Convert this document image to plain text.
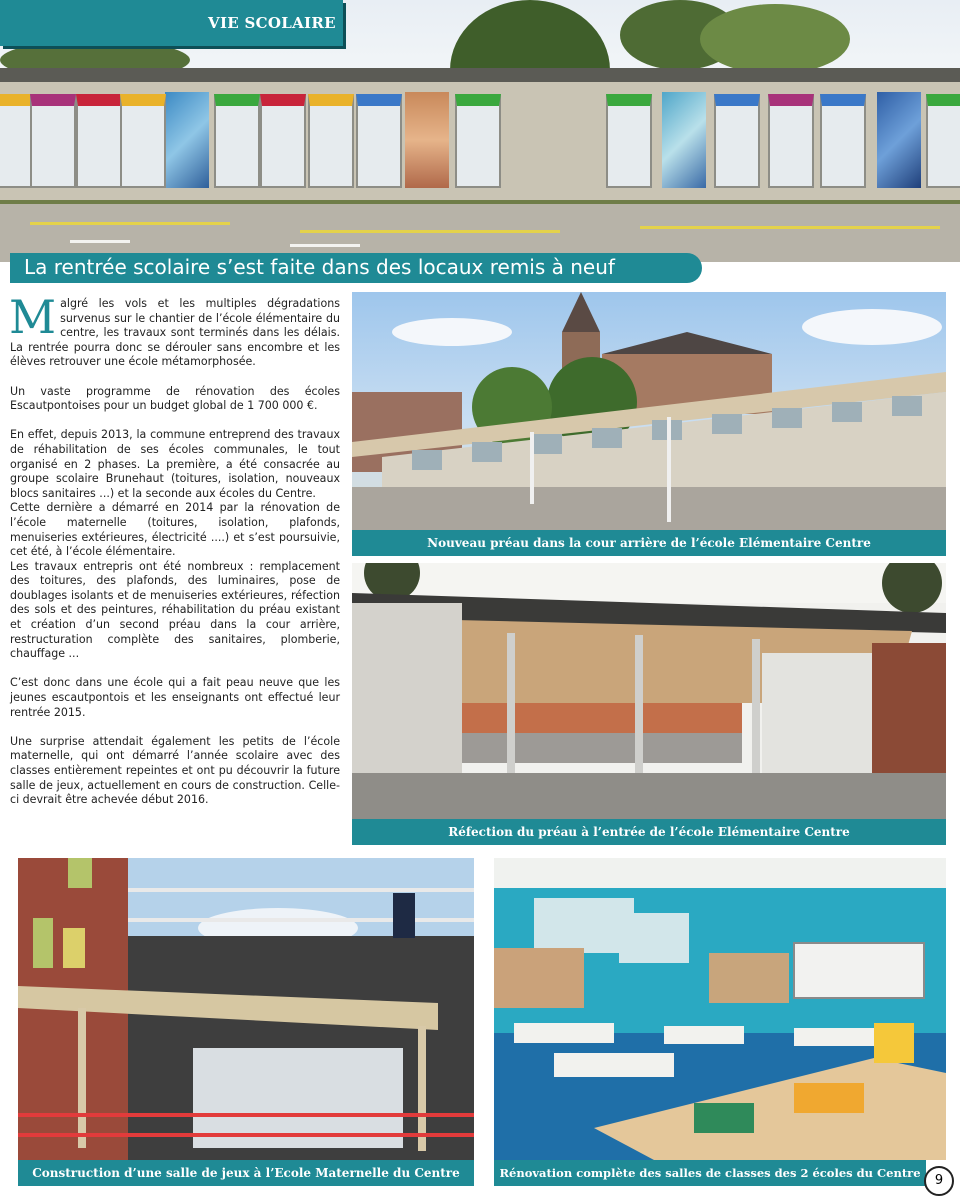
VIE SCOLAIRE
La rentrée scolaire s’est faite dans des locaux remis à neuf

M algré les vols et les multiples dégradations survenus sur le chantier de l’école élémentaire du centre, les travaux sont terminés dans les délais. La rentrée pourra donc se dérouler sans encombre et les élèves retrouver une école métamorphosée.

Un vaste programme de rénovation des écoles Escautpontoises pour un budget global de 1 700 000 €.

En effet, depuis 2013, la commune entreprend des travaux de réhabilitation de ses écoles communales, le tout organisé en 2 phases. La première, a été consacrée au groupe scolaire Brunehaut (toitures, isolation, nouveaux blocs sanitaires ...) et la seconde aux écoles du Centre.

Cette dernière a démarré en 2014 par la rénovation de l’école maternelle (toitures, isolation, plafonds, menuiseries extérieures, électricité ....) et s’est poursuivie, cet été, à l’école élémentaire.

Les travaux entrepris ont été nombreux : remplacement des toitures, des plafonds, des luminaires, pose de doublages isolants et de menuiseries extérieures, réfection des sols et des peintures, réhabilitation du préau existant et création d’un second préau dans la cour arrière, restructuration complète des sanitaires, plomberie, chauffage ...

C’est donc dans une école qui a fait peau neuve que les jeunes escautpontois et les enseignants ont effectué leur rentrée 2015.

Une surprise attendait également les petits de l’école maternelle, qui ont démarré l’année scolaire avec des classes entièrement repeintes et ont pu découvrir la future salle de jeux, actuellement en cours de construction. Celle-ci devrait être achevée début 2016.

Nouveau préau dans la cour arrière de l’école Elémentaire Centre
Réfection du préau à l’entrée de l’école Elémentaire Centre
Construction d’une salle de jeux à l’Ecole Maternelle du Centre	Rénovation complète des salles de classes des 2 écoles du Centre	9
